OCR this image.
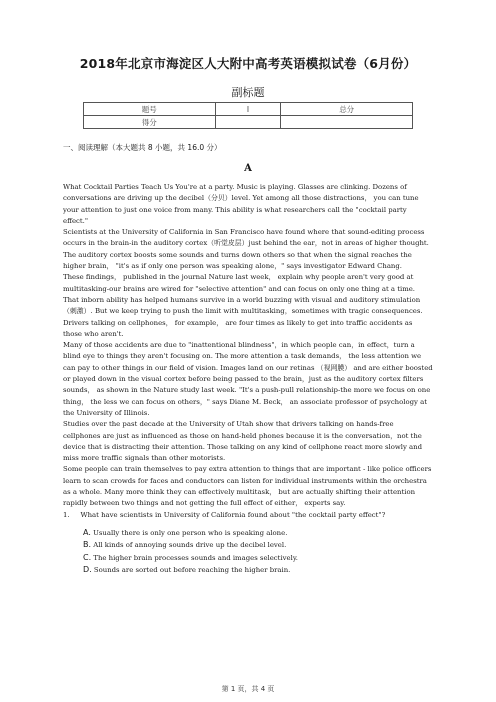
2018年北京市海淀区人大附中高考英语模拟试卷（6月份）
副标题
题号	I	总分
得分		
一、阅读理解（本大题共 8 小题，共 16.0 分）
A

What Cocktail Parties Teach Us You're at a party. Music is playing. Glasses are clinking. Dozens of conversations are driving up the decibel（分贝）level. Yet among all those distractions， you can tune your attention to just one voice from many. This ability is what researchers call the "cocktail party effect."

Scientists at the University of California in San Francisco have found where that sound-editing process occurs in the brain-in the auditory cortex（听觉皮层）just behind the ear，not in areas of higher thought. The auditory cortex boosts some sounds and turns down others so that when the signal reaches the higher brain， "it's as if only one person was speaking alone，" says investigator Edward Chang.

These findings， published in the journal Nature last week， explain why people aren't very good at multitasking-our brains are wired for "selective attention" and can focus on only one thing at a time. That inborn ability has helped humans survive in a world buzzing with visual and auditory stimulation （刺激）. But we keep trying to push the limit with multitasking，sometimes with tragic consequences. Drivers talking on cellphones， for example， are four times as likely to get into traffic accidents as those who aren't.

Many of those accidents are due to "inattentional blindness"，in which people can，in effect，turn a blind eye to things they aren't focusing on. The more attention a task demands， the less attention we can pay to other things in our field of vision. Images land on our retinas （视网膜） and are either boosted or played down in the visual cortex before being passed to the brain，just as the auditory cortex filters sounds， as shown in the Nature study last week. "It's a push-pull relationship-the more we focus on one thing， the less we can focus on others，" says Diane M. Beck， an associate professor of psychology at the University of Illinois.

Studies over the past decade at the University of Utah show that drivers talking on hands-free cellphones are just as influenced as those on hand-held phones because it is the conversation，not the device that is distracting their attention. Those talking on any kind of cellphone react more slowly and miss more traffic signals than other motorists.

Some people can train themselves to pay extra attention to things that are important - like police officers learn to scan crowds for faces and conductors can listen for individual instruments within the orchestra as a whole. Many more think they can effectively multitask， but are actually shifting their attention rapidly between two things and not getting the full effect of either， experts say.

1. What have scientists in University of California found about "the cocktail party effect"?

A. Usually there is only one person who is speaking alone.
B. All kinds of annoying sounds drive up the decibel level.
C. The higher brain processes sounds and images selectively.
D. Sounds are sorted out before reaching the higher brain.
第 1 页，共 4 页
